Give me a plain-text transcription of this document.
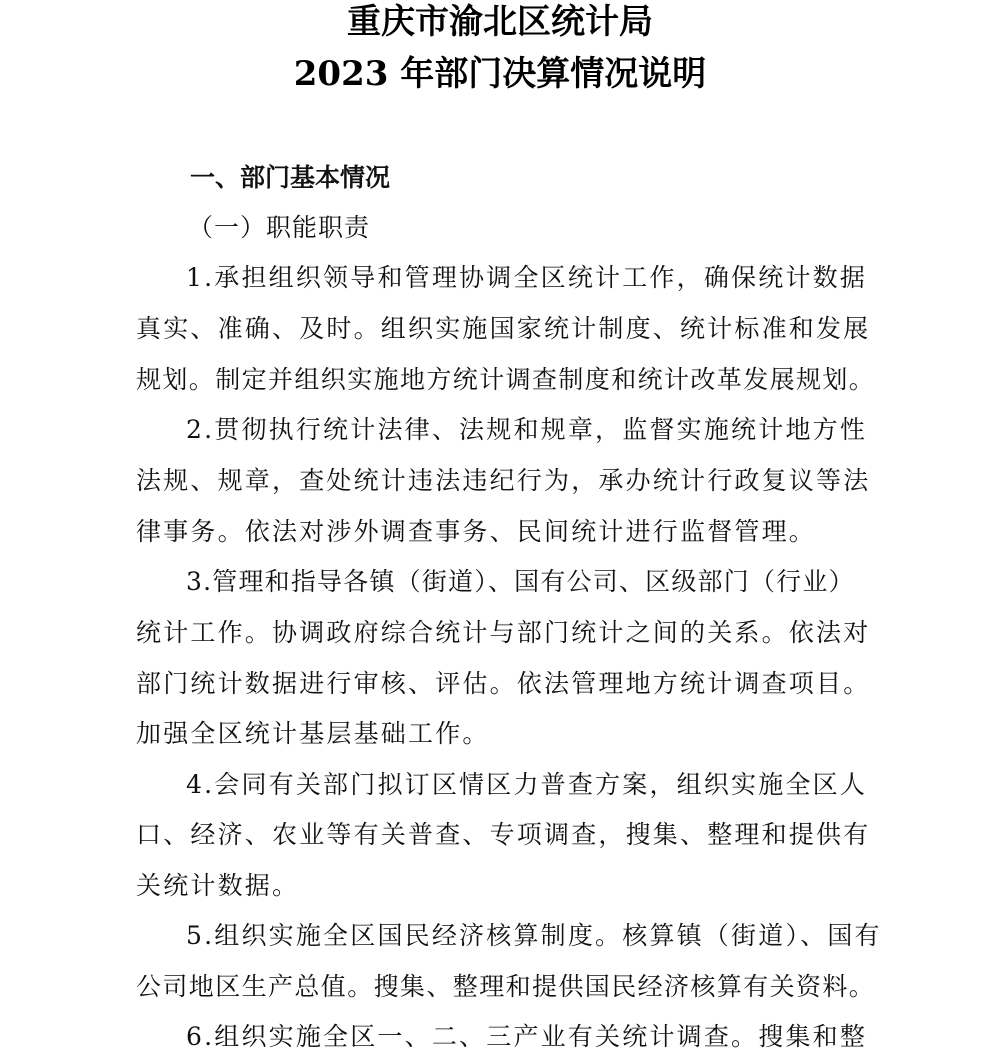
重庆市渝北区统计局
2023 年部门决算情况说明
一、部门基本情况
（一）职能职责
1.承担组织领导和管理协调全区统计工作，确保统计数据
真实、准确、及时。组织实施国家统计制度、统计标准和发展
规划。制定并组织实施地方统计调查制度和统计改革发展规划。
2.贯彻执行统计法律、法规和规章，监督实施统计地方性
法规、规章，查处统计违法违纪行为，承办统计行政复议等法
律事务。依法对涉外调查事务、民间统计进行监督管理。
3.管理和指导各镇（街道）、国有公司、区级部门（行业）
统计工作。协调政府综合统计与部门统计之间的关系。依法对
部门统计数据进行审核、评估。依法管理地方统计调查项目。
加强全区统计基层基础工作。
4.会同有关部门拟订区情区力普查方案，组织实施全区人
口、经济、农业等有关普查、专项调查，搜集、整理和提供有
关统计数据。
5.组织实施全区国民经济核算制度。核算镇（街道）、国有
公司地区生产总值。搜集、整理和提供国民经济核算有关资料。
6.组织实施全区一、二、三产业有关统计调查。搜集和整
